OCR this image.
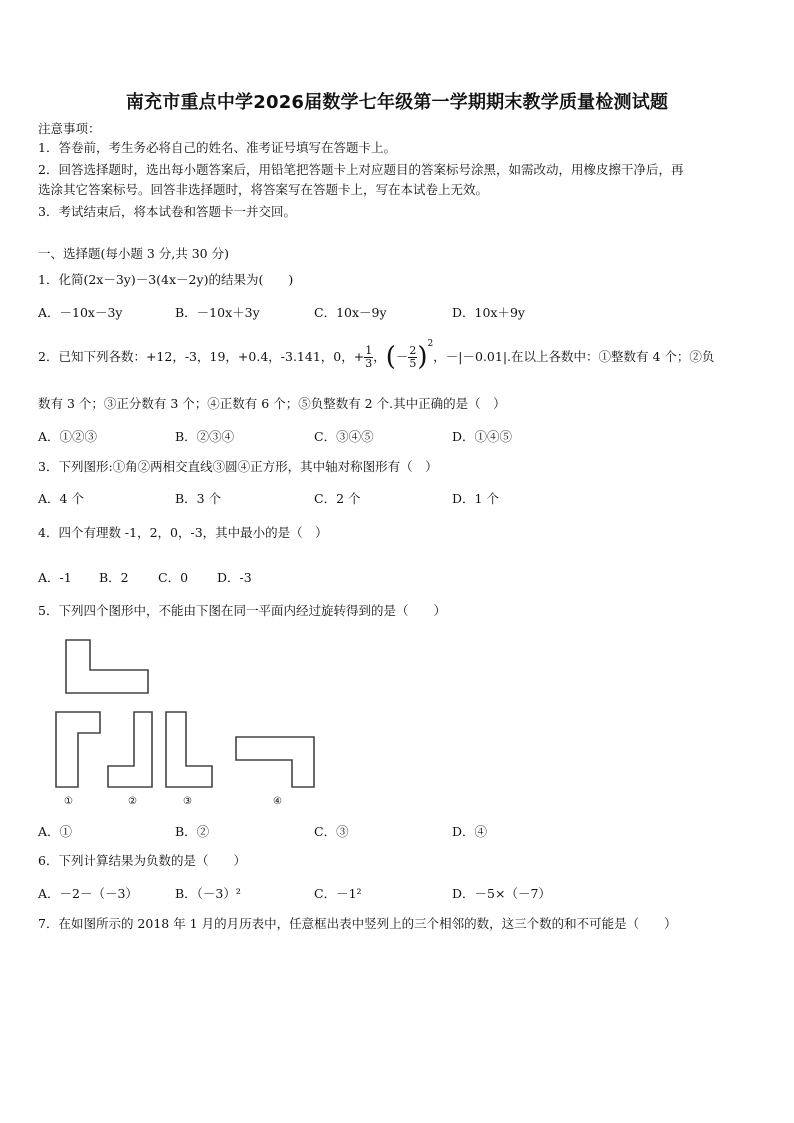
南充市重点中学2026届数学七年级第一学期期末教学质量检测试题
注意事项：
1．答卷前，考生务必将自己的姓名、准考证号填写在答题卡上。
2．回答选择题时，选出每小题答案后，用铅笔把答题卡上对应题目的答案标号涂黑，如需改动，用橡皮擦干净后，再
选涂其它答案标号。回答非选择题时，将答案写在答题卡上，写在本试卷上无效。
3．考试结束后，将本试卷和答题卡一并交回。
一、选择题(每小题 3 分,共 30 分)
1．化简(2x－3y)－3(4x－2y)的结果为(　　)
A．－10x－3y	B．－10x＋3y	C．10x－9y	D．10x＋9y
2．已知下列各数：+12，-3，19，+0.4，-3.141，0，+ $\frac{1}{3}$ ， ( － $\frac{2}{5} )^2$
，－|－0.01|.在以上各数中：①整数有 4 个；②负
数有 3 个；③正分数有 3 个；④正数有 6 个；⑤负整数有 2 个.其中正确的是（　）
A．①②③	B．②③④	C．③④⑤	D．①④⑤
3．下列图形:①角②两相交直线③圆④正方形，其中轴对称图形有（　）
A．4 个	B．3 个	C．2 个	D．1 个
4．四个有理数 -1，2，0，-3，其中最小的是（　）
A．-1 B．2 C．0 D．-3
5．下列四个图形中，不能由下图在同一平面内经过旋转得到的是（　　）
①	②	③	④
A．①	B．②	C．③	D．④
6．下列计算结果为负数的是（　　）
A．－2－（－3）	B．（－3）²	C．－1²	D．－5×（－7）
7．在如图所示的 2018 年 1 月的月历表中，任意框出表中竖列上的三个相邻的数，这三个数的和不可能是（　　）
